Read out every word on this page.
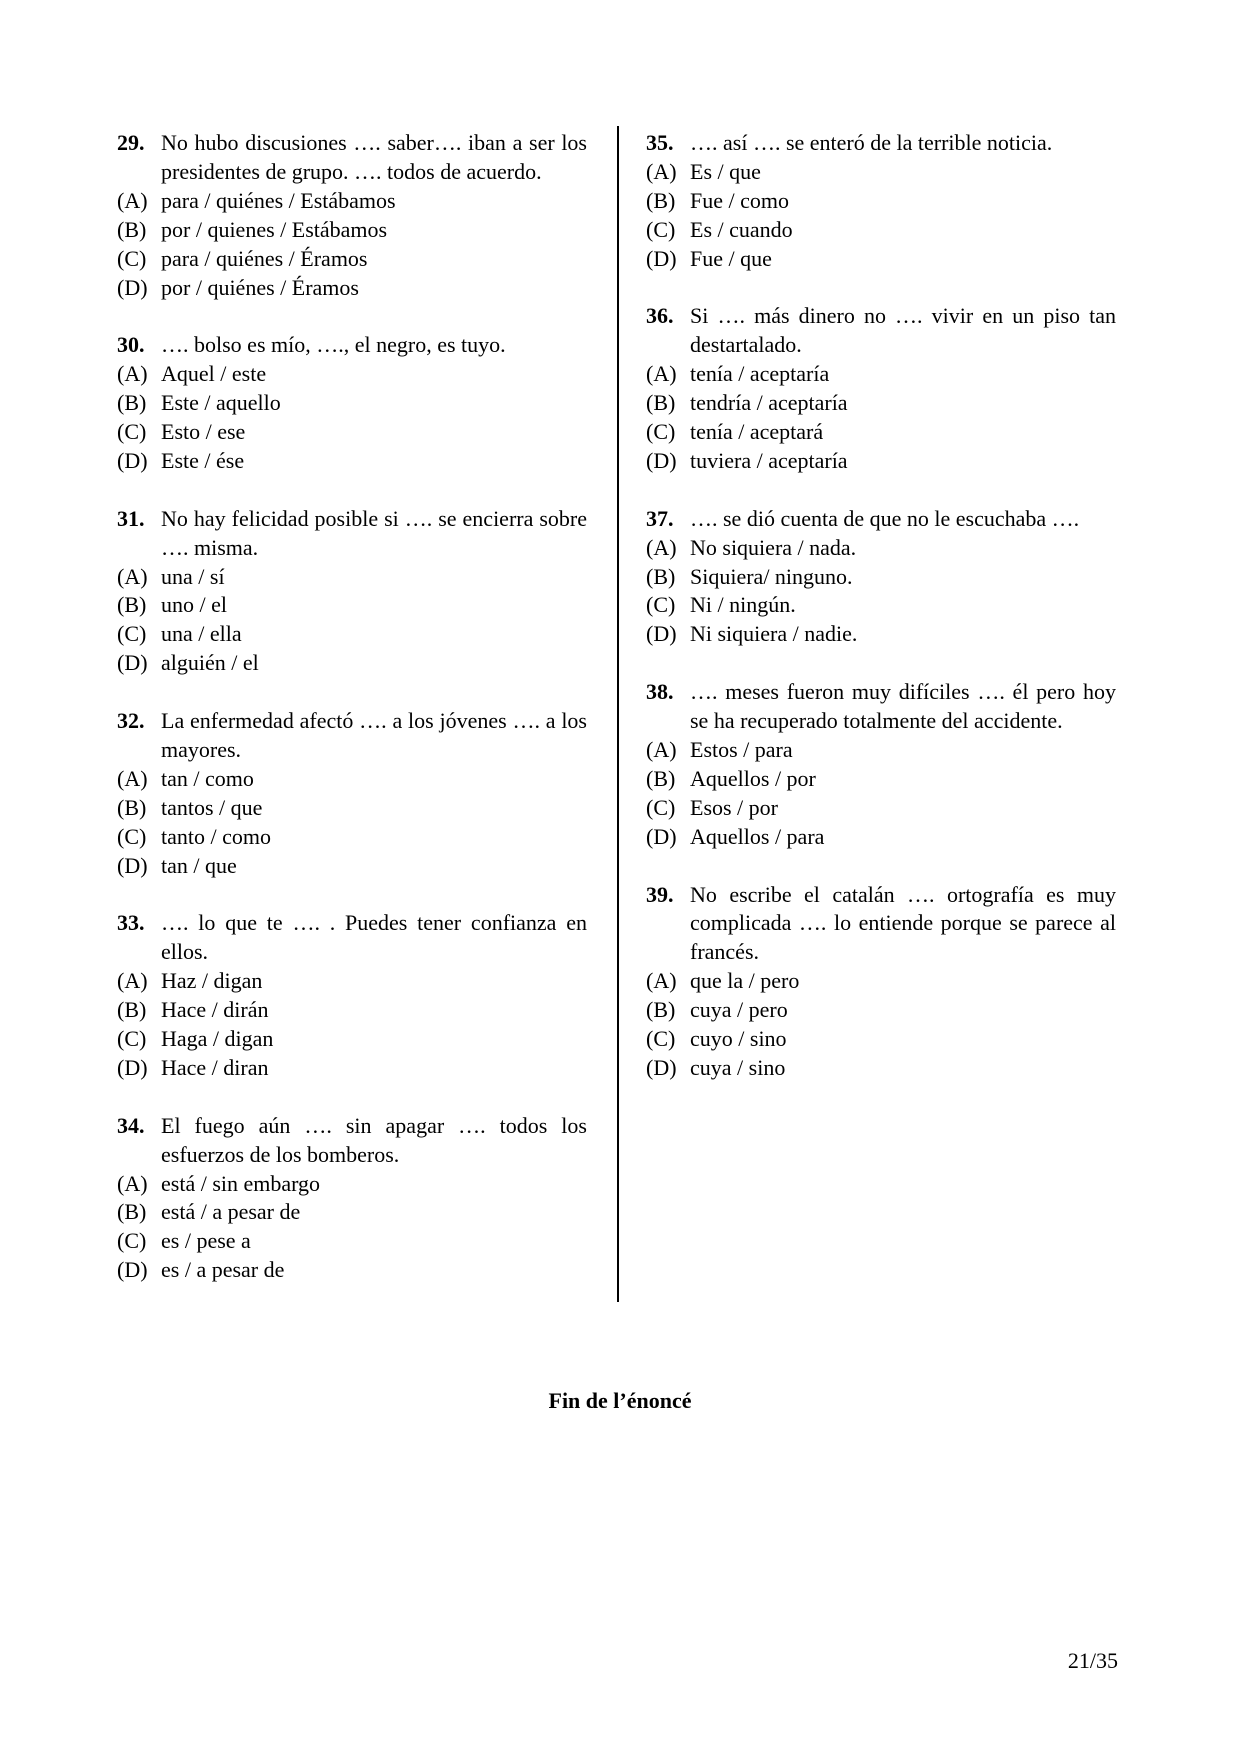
29. No hubo discusiones …. saber…. iban a ser los presidentes de grupo. …. todos de acuerdo.
(A) para / quiénes / Estábamos
(B) por / quienes / Estábamos
(C) para / quiénes / Éramos
(D) por / quiénes / Éramos
30. …. bolso es mío, …., el negro, es tuyo.
(A) Aquel / este
(B) Este / aquello
(C) Esto / ese
(D) Este / ése
31. No hay felicidad posible si …. se encierra sobre …. misma.
(A) una / sí
(B) uno / el
(C) una / ella
(D) alguién / el
32. La enfermedad afectó …. a los jóvenes …. a los mayores.
(A) tan / como
(B) tantos / que
(C) tanto / como
(D) tan / que
33. …. lo que te …. . Puedes tener confianza en ellos.
(A) Haz / digan
(B) Hace / dirán
(C) Haga / digan
(D) Hace / diran
34. El fuego aún …. sin apagar …. todos los esfuerzos de los bomberos.
(A) está / sin embargo
(B) está / a pesar de
(C) es / pese a
(D) es / a pesar de
35. …. así …. se enteró de la terrible noticia.
(A) Es / que
(B) Fue / como
(C) Es / cuando
(D) Fue / que
36. Si …. más dinero no …. vivir en un piso tan destartalado.
(A) tenía / aceptaría
(B) tendría / aceptaría
(C) tenía / aceptará
(D) tuviera / aceptaría
37. …. se dió cuenta de que no le escuchaba ….
(A) No siquiera / nada.
(B) Siquiera/ ninguno.
(C) Ni / ningún.
(D) Ni siquiera / nadie.
38. …. meses fueron muy difíciles …. él pero hoy se ha recuperado totalmente del accidente.
(A) Estos / para
(B) Aquellos / por
(C) Esos / por
(D) Aquellos / para
39. No escribe el catalán …. ortografía es muy complicada …. lo entiende porque se parece al francés.
(A) que la / pero
(B) cuya / pero
(C) cuyo / sino
(D) cuya / sino
Fin de l’énoncé
21/35
